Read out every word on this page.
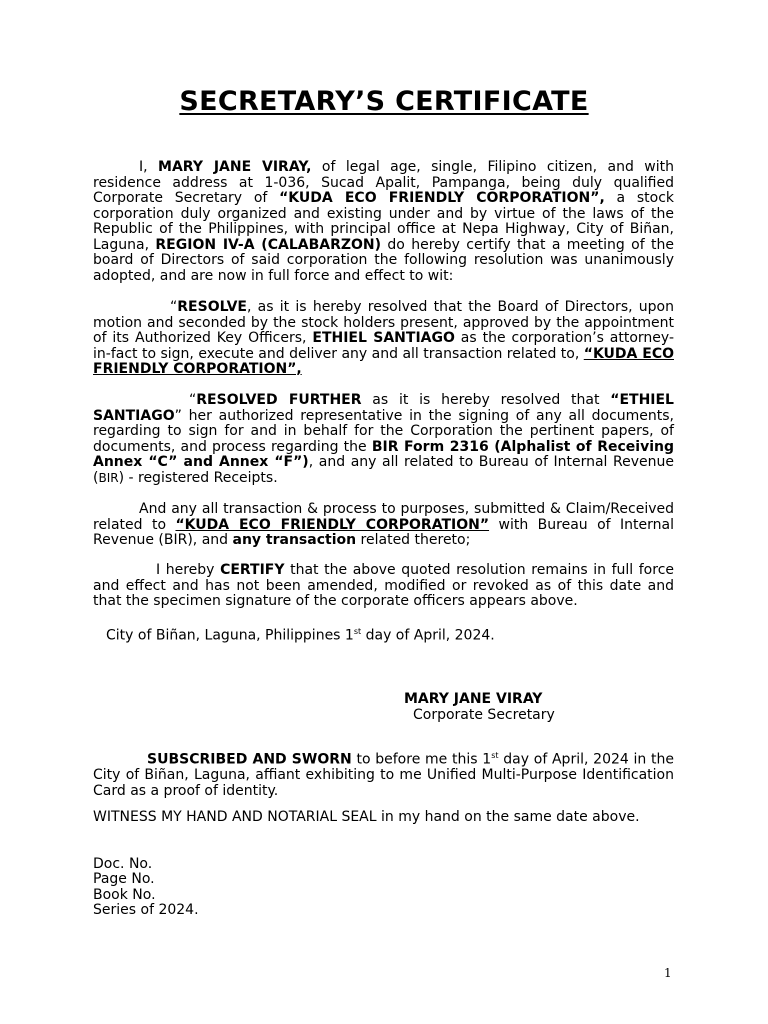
SECRETARY’S CERTIFICATE
I, MARY JANE VIRAY, of legal age, single, Filipino citizen, and with residence address at 1-036, Sucad Apalit, Pampanga, being duly qualified Corporate Secretary of “KUDA ECO FRIENDLY CORPORATION”, a stock corporation duly organized and existing under and by virtue of the laws of the Republic of the Philippines, with principal office at Nepa Highway, City of Biñan, Laguna, REGION IV-A (CALABARZON) do hereby certify that a meeting of the board of Directors of said corporation the following resolution was unanimously adopted, and are now in full force and effect to wit:
“RESOLVE, as it is hereby resolved that the Board of Directors, upon motion and seconded by the stock holders present, approved by the appointment of its Authorized Key Officers, ETHIEL SANTIAGO as the corporation’s attorney-in-fact to sign, execute and deliver any and all transaction related to, “KUDA ECO FRIENDLY CORPORATION”,
“RESOLVED FURTHER as it is hereby resolved that “ETHIEL SANTIAGO” her authorized representative in the signing of any all documents, regarding to sign for and in behalf for the Corporation the pertinent papers, of documents, and process regarding the BIR Form 2316 (Alphalist of Receiving Annex “C” and Annex “F”), and any all related to Bureau of Internal Revenue (BIR) - registered Receipts.
And any all transaction & process to purposes, submitted & Claim/Received related to “KUDA ECO FRIENDLY CORPORATION” with Bureau of Internal Revenue (BIR), and any transaction related thereto;
I hereby CERTIFY that the above quoted resolution remains in full force and effect and has not been amended, modified or revoked as of this date and that the specimen signature of the corporate officers appears above.
City of Biñan, Laguna, Philippines 1st day of April, 2024.
MARY JANE VIRAY
Corporate Secretary
SUBSCRIBED AND SWORN to before me this 1st day of April, 2024 in the City of Biñan, Laguna, affiant exhibiting to me Unified Multi-Purpose Identification Card as a proof of identity.
WITNESS MY HAND AND NOTARIAL SEAL in my hand on the same date above.
Doc. No.
Page No.
Book No.
Series of 2024.
1
